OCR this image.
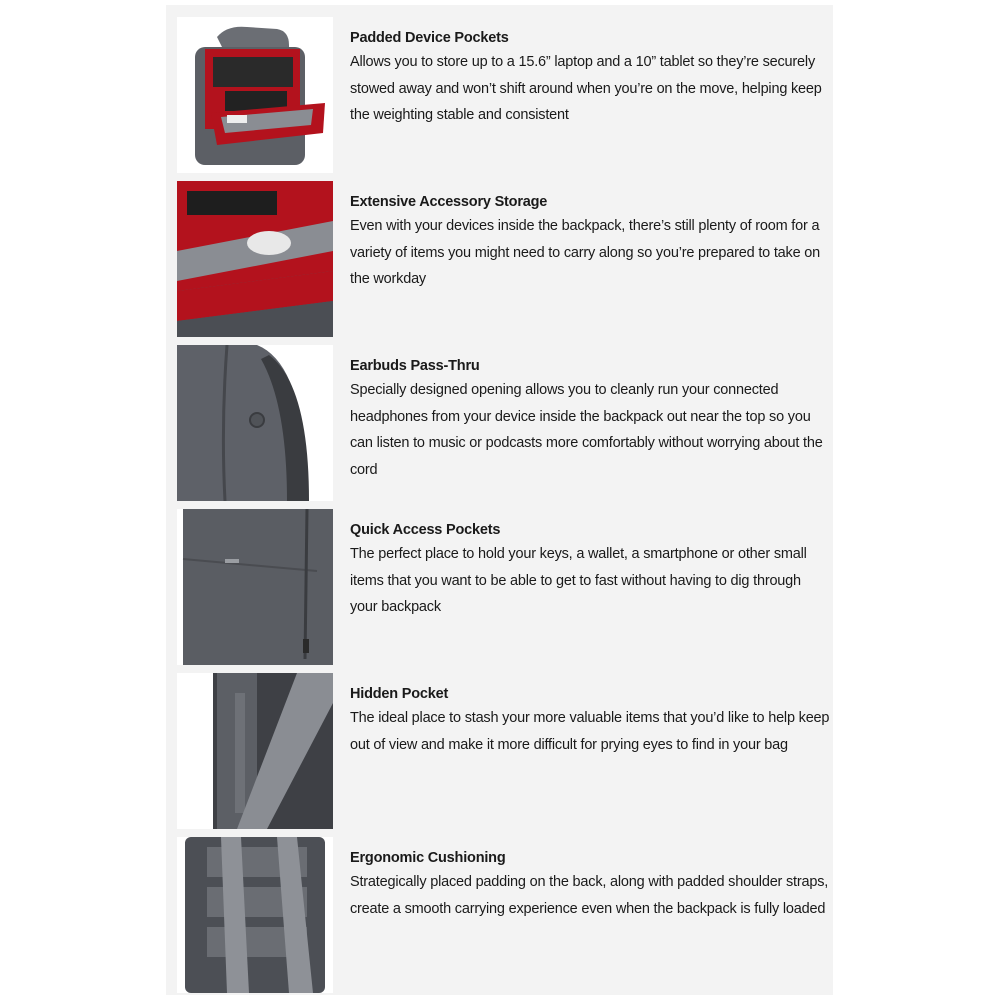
Padded Device Pockets
Allows you to store up to a 15.6” laptop and a 10” tablet so they’re securely stowed away and won’t shift around when you’re on the move, helping keep the weighting stable and consistent
Extensive Accessory Storage
Even with your devices inside the backpack, there’s still plenty of room for a variety of items you might need to carry along so you’re prepared to take on the workday
Earbuds Pass-Thru
Specially designed opening allows you to cleanly run your connected headphones from your device inside the backpack out near the top so you can listen to music or podcasts more comfortably without worrying about the cord
Quick Access Pockets
The perfect place to hold your keys, a wallet, a smartphone or other small items that you want to be able to get to fast without having to dig through your backpack
Hidden Pocket
The ideal place to stash your more valuable items that you’d like to help keep out of view and make it more difficult for prying eyes to find in your bag
Ergonomic Cushioning
Strategically placed padding on the back, along with padded shoulder straps, create a smooth carrying experience even when the backpack is fully loaded
